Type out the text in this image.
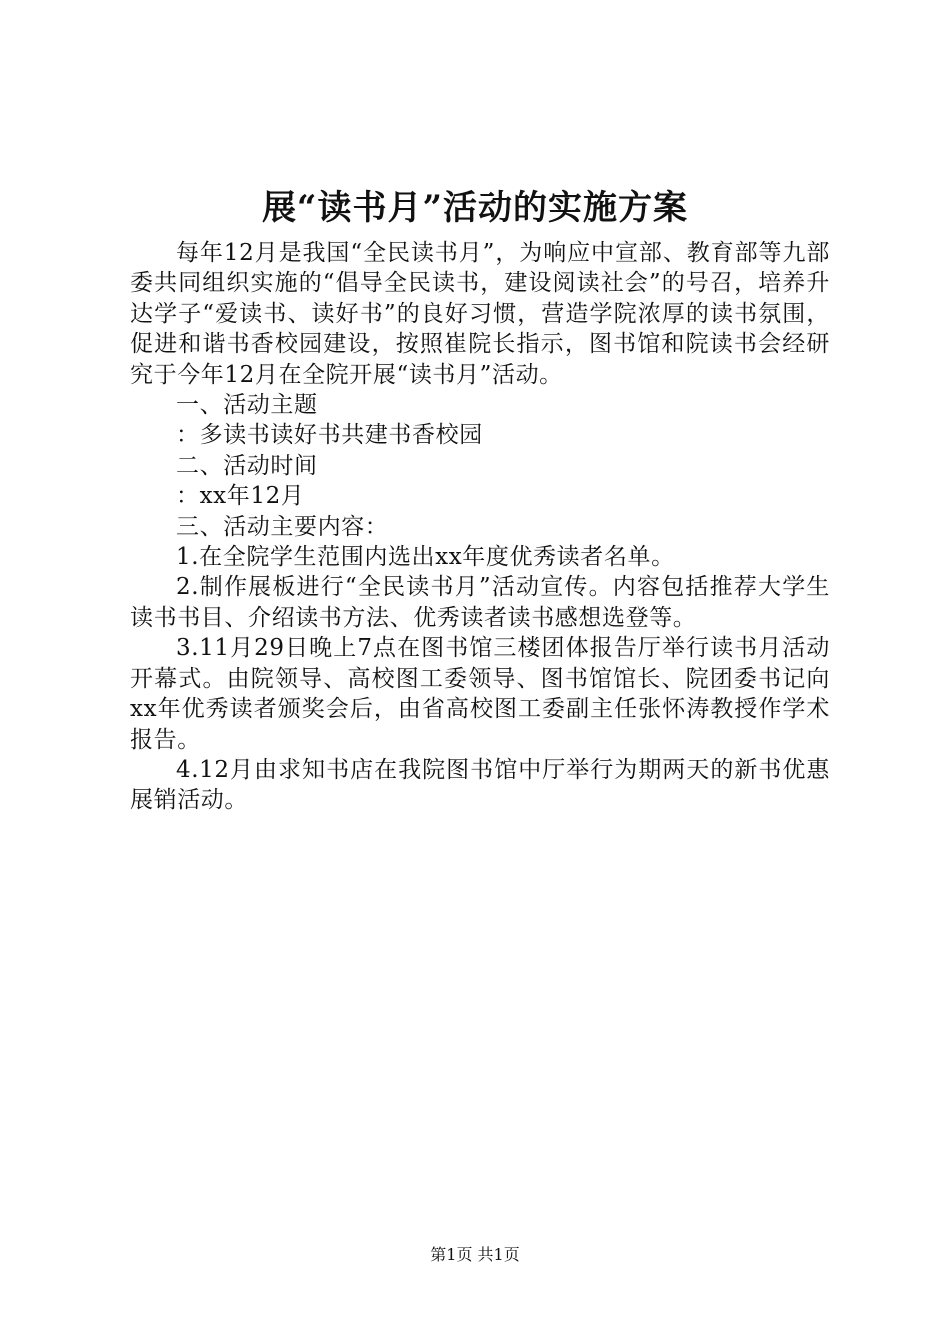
展“读书月”活动的实施方案

每年12月是我国“全民读书月”，为响应中宣部、教育部等九部委共同组织实施的“倡导全民读书，建设阅读社会”的号召，培养升达学子“爱读书、读好书”的良好习惯，营造学院浓厚的读书氛围，促进和谐书香校园建设，按照崔院长指示，图书馆和院读书会经研究于今年12月在全院开展“读书月”活动。

一、活动主题

：多读书读好书共建书香校园

二、活动时间

：xx年12月

三、活动主要内容：

1.在全院学生范围内选出xx年度优秀读者名单。

2.制作展板进行“全民读书月”活动宣传。内容包括推荐大学生读书书目、介绍读书方法、优秀读者读书感想选登等。

3.11月29日晚上7点在图书馆三楼团体报告厅举行读书月活动开幕式。由院领导、高校图工委领导、图书馆馆长、院团委书记向xx年优秀读者颁奖会后，由省高校图工委副主任张怀涛教授作学术报告。

4.12月由求知书店在我院图书馆中厅举行为期两天的新书优惠展销活动。

第1页 共1页
